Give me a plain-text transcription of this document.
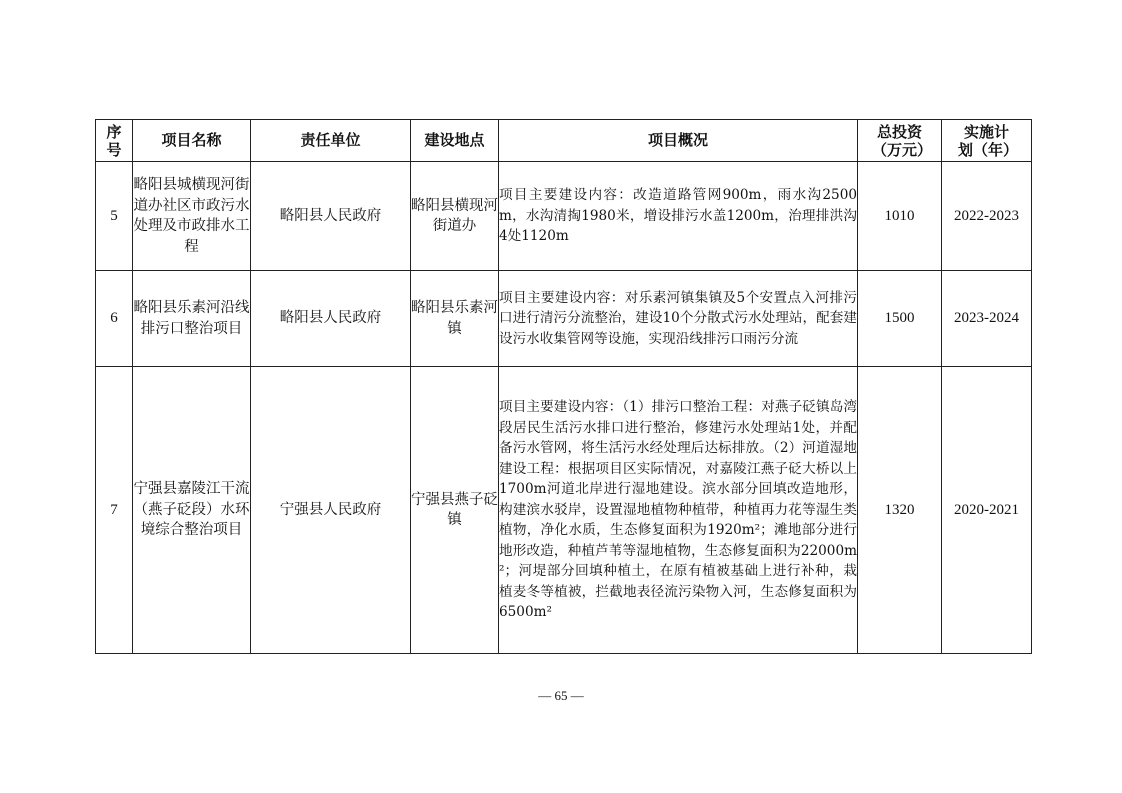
序号	项目名称	责任单位	建设地点	项目概况	总投资（万元）	实施计划（年）
5	略阳县城横现河街道办社区市政污水处理及市政排水工程	略阳县人民政府	略阳县横现河街道办	项目主要建设内容：改造道路管网900m，雨水沟2500m，水沟清掏1980米，增设排污水盖1200m，治理排洪沟4处1120m	1010	2022-2023
6	略阳县乐素河沿线排污口整治项目	略阳县人民政府	略阳县乐素河镇	项目主要建设内容：对乐素河镇集镇及5个安置点入河排污口进行清污分流整治，建设10个分散式污水处理站，配套建设污水收集管网等设施，实现沿线排污口雨污分流	1500	2023-2024
7	宁强县嘉陵江干流（燕子砭段）水环境综合整治项目	宁强县人民政府	宁强县燕子砭镇	项目主要建设内容：（1）排污口整治工程：对燕子砭镇岛湾段居民生活污水排口进行整治，修建污水处理站1处，并配备污水管网，将生活污水经处理后达标排放。（2）河道湿地建设工程：根据项目区实际情况，对嘉陵江燕子砭大桥以上1700m河道北岸进行湿地建设。滨水部分回填改造地形，构建滨水驳岸，设置湿地植物种植带，种植再力花等湿生类植物，净化水质，生态修复面积为1920m²；滩地部分进行地形改造，种植芦苇等湿地植物，生态修复面积为22000m²；河堤部分回填种植土，在原有植被基础上进行补种，栽植麦冬等植被，拦截地表径流污染物入河，生态修复面积为6500m²	1320	2020-2021
— 65 —
